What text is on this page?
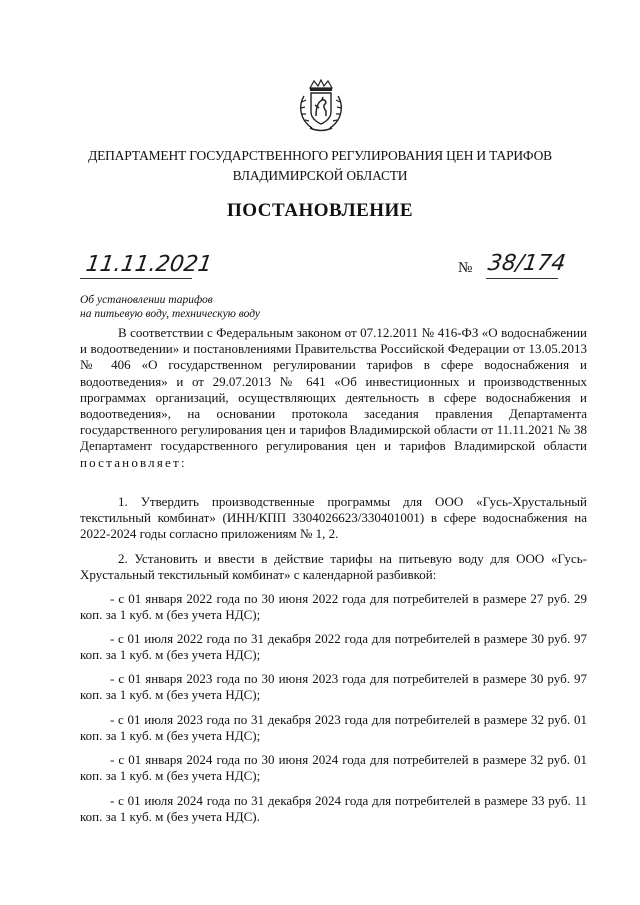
ДЕПАРТАМЕНТ ГОСУДАРСТВЕННОГО РЕГУЛИРОВАНИЯ ЦЕН И ТАРИФОВ
ВЛАДИМИРСКОЙ ОБЛАСТИ
ПОСТАНОВЛЕНИЕ
11.11.2021	№ 38/174
Об установлении тарифов
на питьевую воду, техническую воду
В соответствии с Федеральным законом от 07.12.2011 № 416-ФЗ «О водоснабжении и водоотведении» и постановлениями Правительства Российской Федерации от 13.05.2013 № 406 «О государственном регулировании тарифов в сфере водоснабжения и водоотведения» и от 29.07.2013 № 641 «Об инвестиционных и производственных программах организаций, осуществляющих деятельность в сфере водоснабжения и водоотведения», на основании протокола заседания правления Департамента государственного регулирования цен и тарифов Владимирской области от 11.11.2021 № 38 Департамент государственного регулирования цен и тарифов Владимирской области постановляет:
1. Утвердить производственные программы для ООО «Гусь-Хрустальный текстильный комбинат» (ИНН/КПП 3304026623/330401001) в сфере водоснабжения на 2022-2024 годы согласно приложениям № 1, 2.
2. Установить и ввести в действие тарифы на питьевую воду для ООО «Гусь-Хрустальный текстильный комбинат» с календарной разбивкой:
- с 01 января 2022 года по 30 июня 2022 года для потребителей в размере 27 руб. 29 коп. за 1 куб. м (без учета НДС);
- с 01 июля 2022 года по 31 декабря 2022 года для потребителей в размере 30 руб. 97 коп. за 1 куб. м (без учета НДС);
- с 01 января 2023 года по 30 июня 2023 года для потребителей в размере 30 руб. 97 коп. за 1 куб. м (без учета НДС);
- с 01 июля 2023 года по 31 декабря 2023 года для потребителей в размере 32 руб. 01 коп. за 1 куб. м (без учета НДС);
- с 01 января 2024 года по 30 июня 2024 года для потребителей в размере 32 руб. 01 коп. за 1 куб. м (без учета НДС);
- с 01 июля 2024 года по 31 декабря 2024 года для потребителей в размере 33 руб. 11 коп. за 1 куб. м (без учета НДС).
